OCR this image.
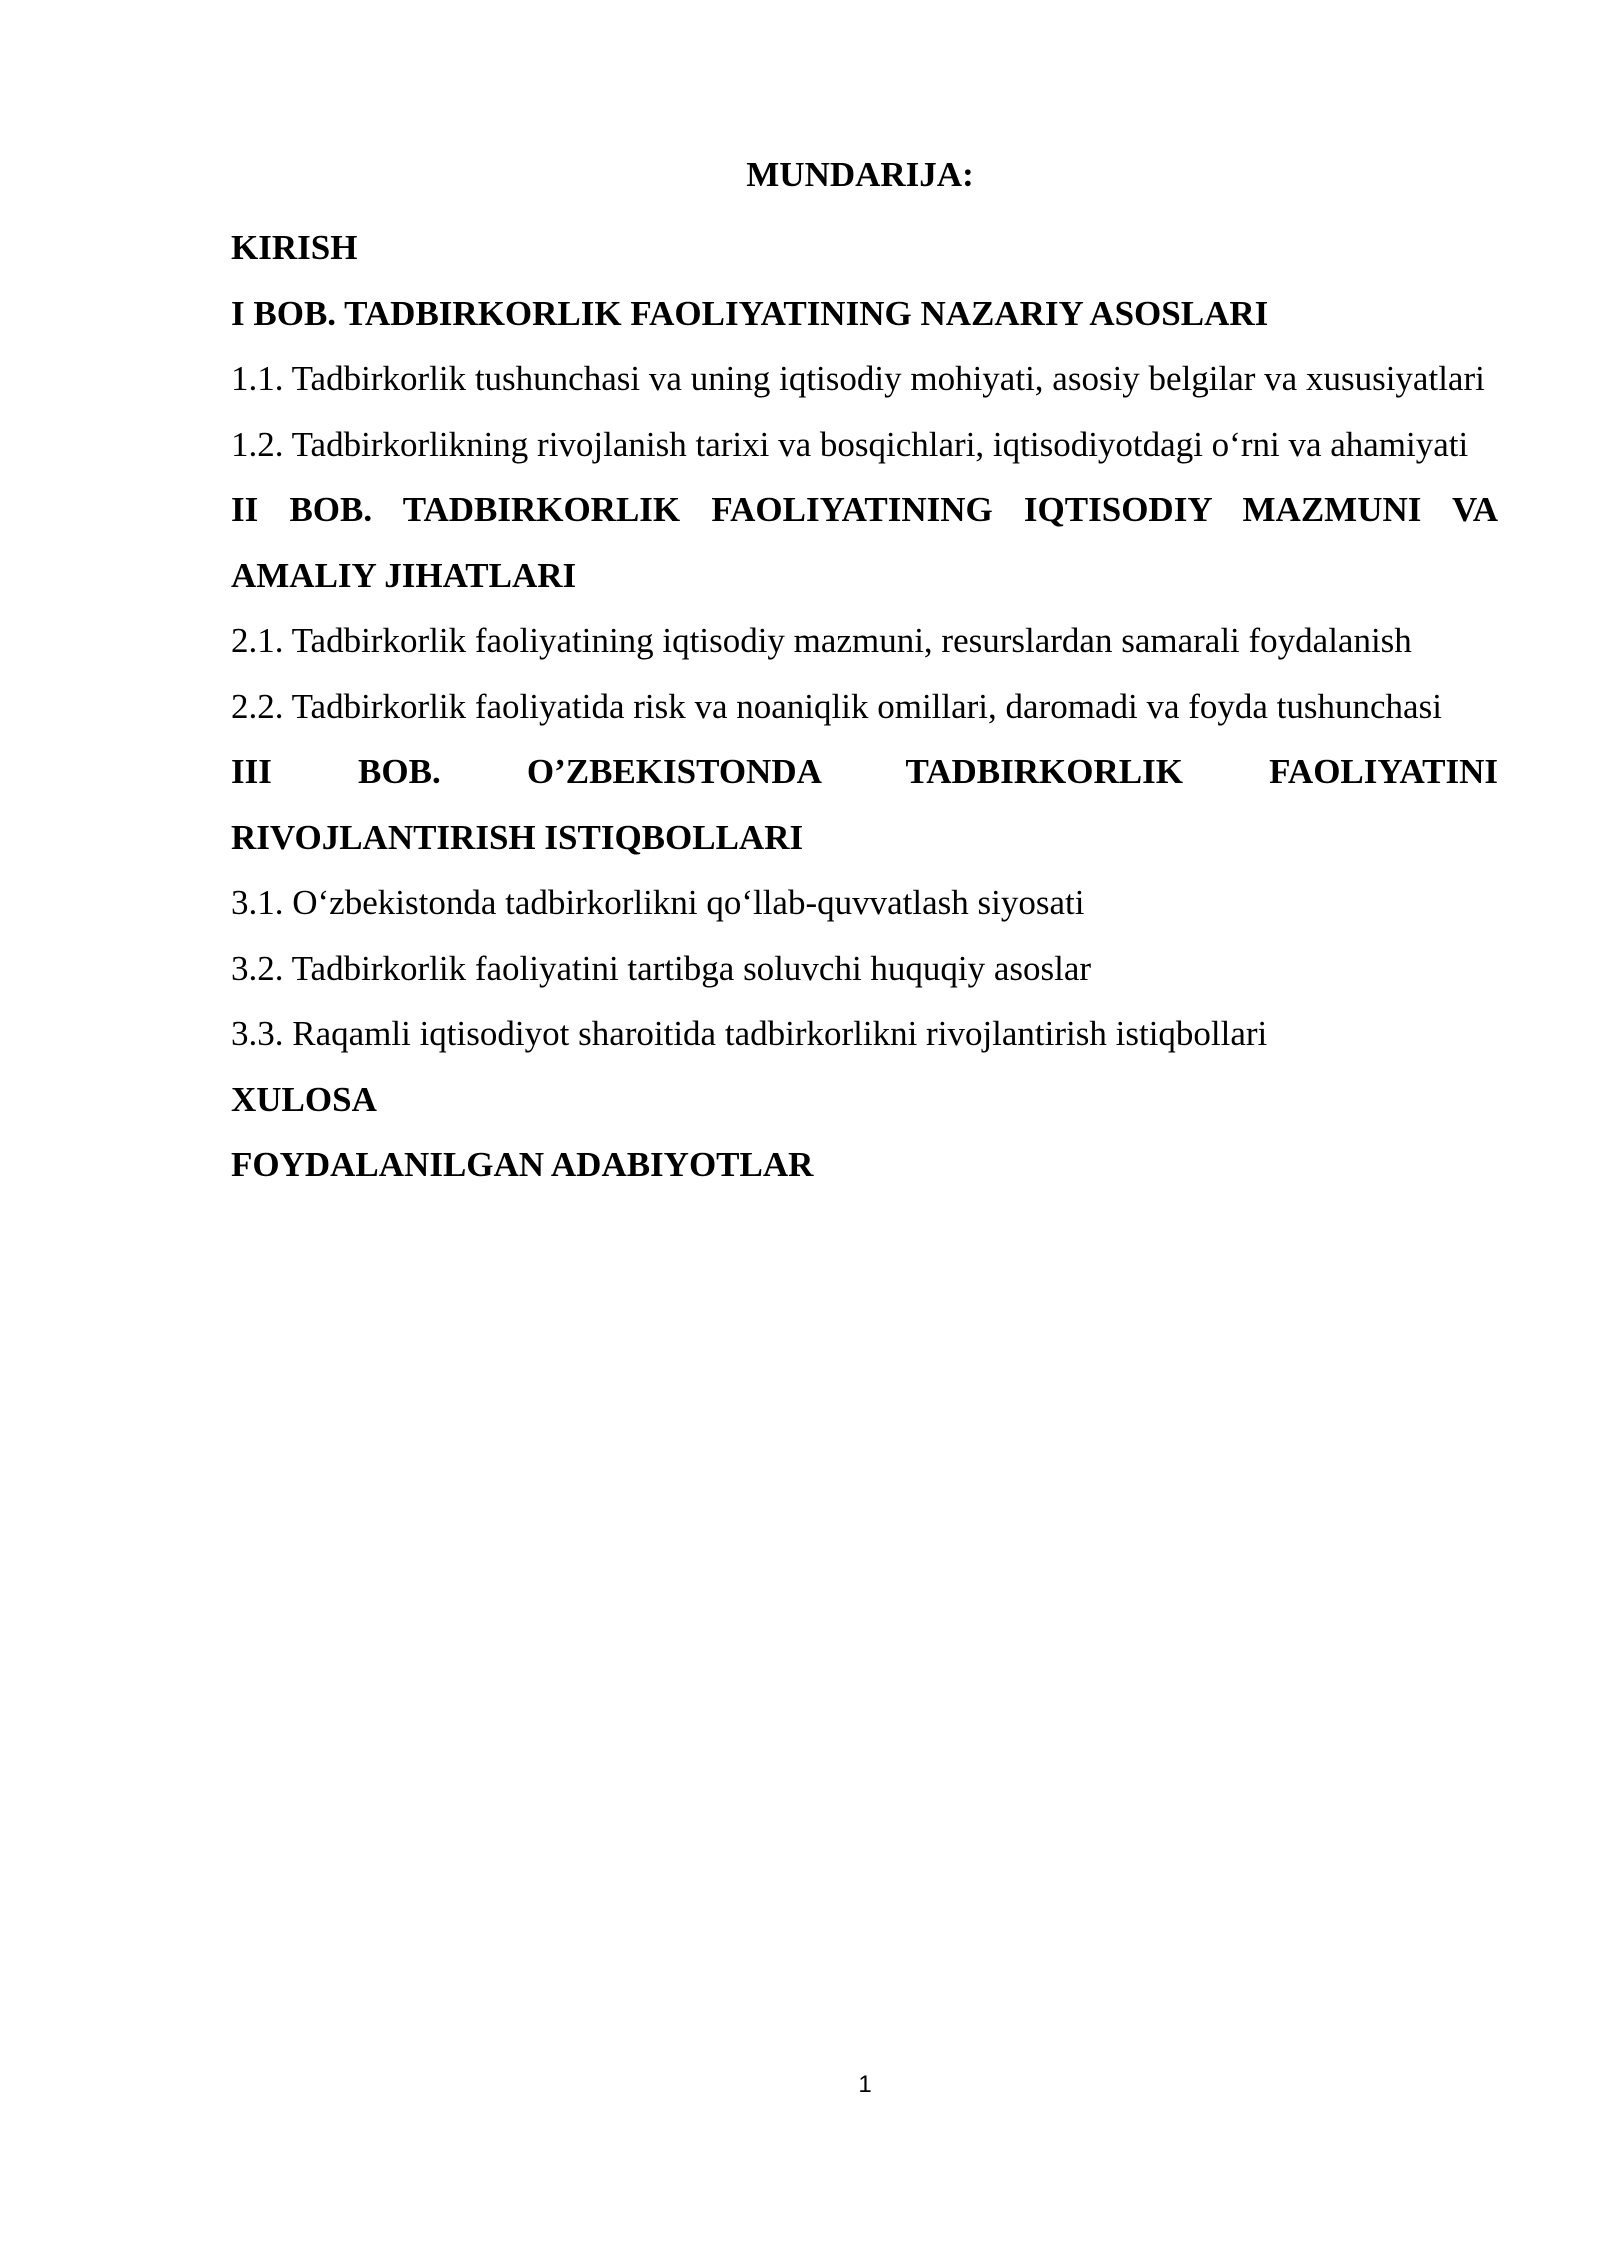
MUNDARIJA:

KIRISH

I BOB. TADBIRKORLIK FAOLIYATINING NAZARIY ASOSLARI

1.1. Tadbirkorlik tushunchasi va uning iqtisodiy mohiyati, asosiy belgilar va xususiyatlari

1.2. Tadbirkorlikning rivojlanish tarixi va bosqichlari, iqtisodiyotdagi o‘rni va ahamiyati

II BOB. TADBIRKORLIK FAOLIYATINING IQTISODIY MAZMUNI VA AMALIY JIHATLARI

2.1. Tadbirkorlik faoliyatining iqtisodiy mazmuni, resurslardan samarali foydalanish

2.2. Tadbirkorlik faoliyatida risk va noaniqlik omillari, daromadi va foyda tushunchasi

III BOB. O’ZBEKISTONDA TADBIRKORLIK FAOLIYATINI
RIVOJLANTIRISH ISTIQBOLLARI

3.1. O‘zbekistonda tadbirkorlikni qo‘llab-quvvatlash siyosati

3.2. Tadbirkorlik faoliyatini tartibga soluvchi huquqiy asoslar

3.3. Raqamli iqtisodiyot sharoitida tadbirkorlikni rivojlantirish istiqbollari

XULOSA

FOYDALANILGAN ADABIYOTLAR

1
